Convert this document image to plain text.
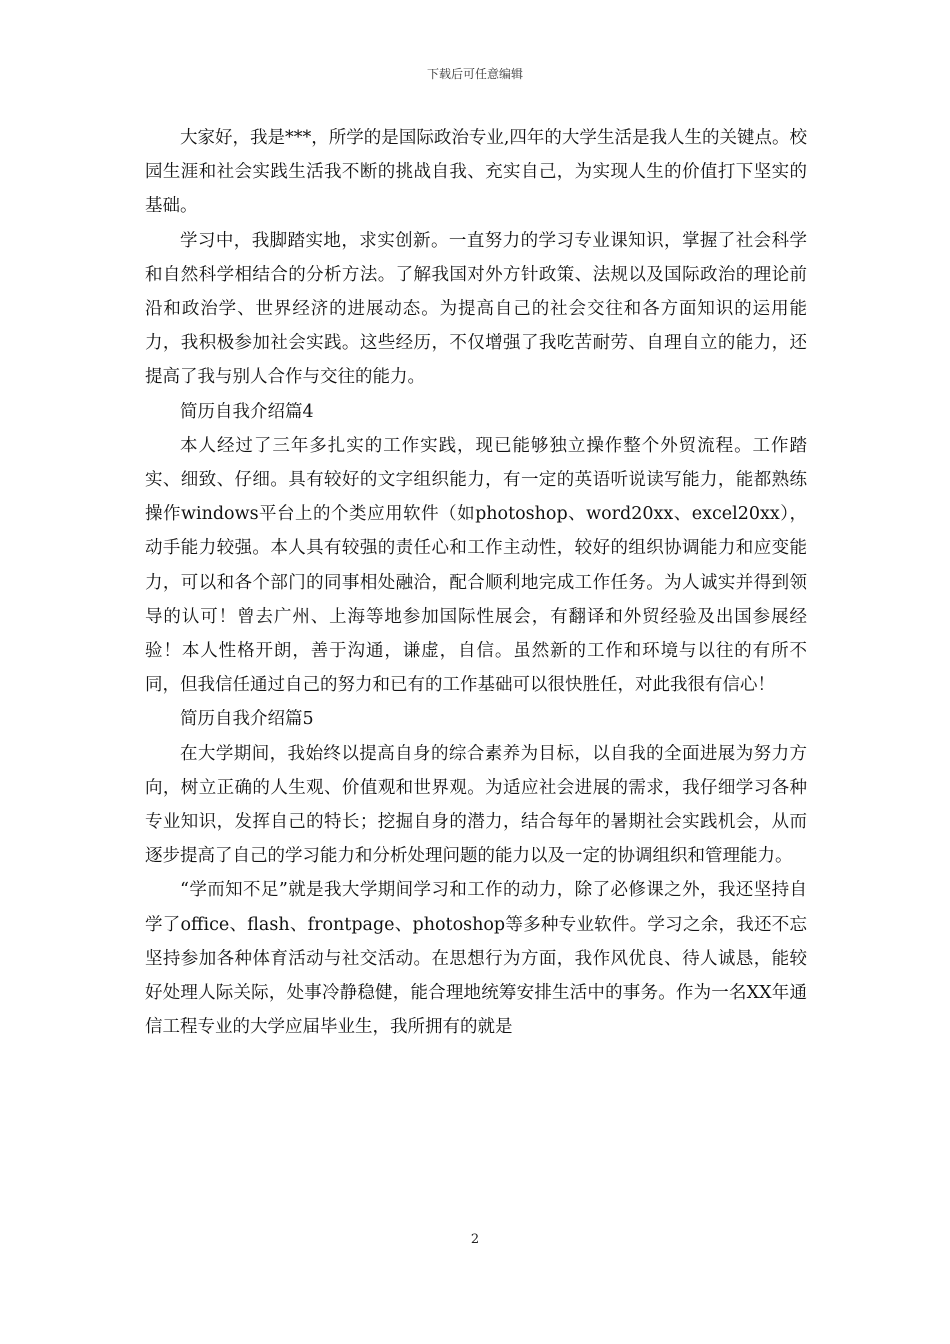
下载后可任意编辑

大家好，我是***，所学的是国际政治专业,四年的大学生活是我人生的关键点。校园生涯和社会实践生活我不断的挑战自我、充实自己，为实现人生的价值打下坚实的基础。

学习中，我脚踏实地，求实创新。一直努力的学习专业课知识，掌握了社会科学和自然科学相结合的分析方法。了解我国对外方针政策、法规以及国际政治的理论前沿和政治学、世界经济的进展动态。为提高自己的社会交往和各方面知识的运用能力，我积极参加社会实践。这些经历，不仅增强了我吃苦耐劳、自理自立的能力，还提高了我与别人合作与交往的能力。

简历自我介绍篇4

本人经过了三年多扎实的工作实践，现已能够独立操作整个外贸流程。工作踏实、细致、仔细。具有较好的文字组织能力，有一定的英语听说读写能力，能都熟练操作windows平台上的个类应用软件（如photoshop、word20xx、excel20xx），动手能力较强。本人具有较强的责任心和工作主动性，较好的组织协调能力和应变能力，可以和各个部门的同事相处融洽，配合顺利地完成工作任务。为人诚实并得到领导的认可！曾去广州、上海等地参加国际性展会，有翻译和外贸经验及出国参展经验！本人性格开朗，善于沟通，谦虚，自信。虽然新的工作和环境与以往的有所不同，但我信任通过自己的努力和已有的工作基础可以很快胜任，对此我很有信心！

简历自我介绍篇5

在大学期间，我始终以提高自身的综合素养为目标，以自我的全面进展为努力方向，树立正确的人生观、价值观和世界观。为适应社会进展的需求，我仔细学习各种专业知识，发挥自己的特长；挖掘自身的潜力，结合每年的暑期社会实践机会，从而逐步提高了自己的学习能力和分析处理问题的能力以及一定的协调组织和管理能力。

“学而知不足”就是我大学期间学习和工作的动力，除了必修课之外，我还坚持自学了office、flash、frontpage、photoshop等多种专业软件。学习之余，我还不忘坚持参加各种体育活动与社交活动。在思想行为方面，我作风优良、待人诚恳，能较好处理人际关际，处事冷静稳健，能合理地统筹安排生活中的事务。作为一名XX年通信工程专业的大学应届毕业生，我所拥有的就是

2
